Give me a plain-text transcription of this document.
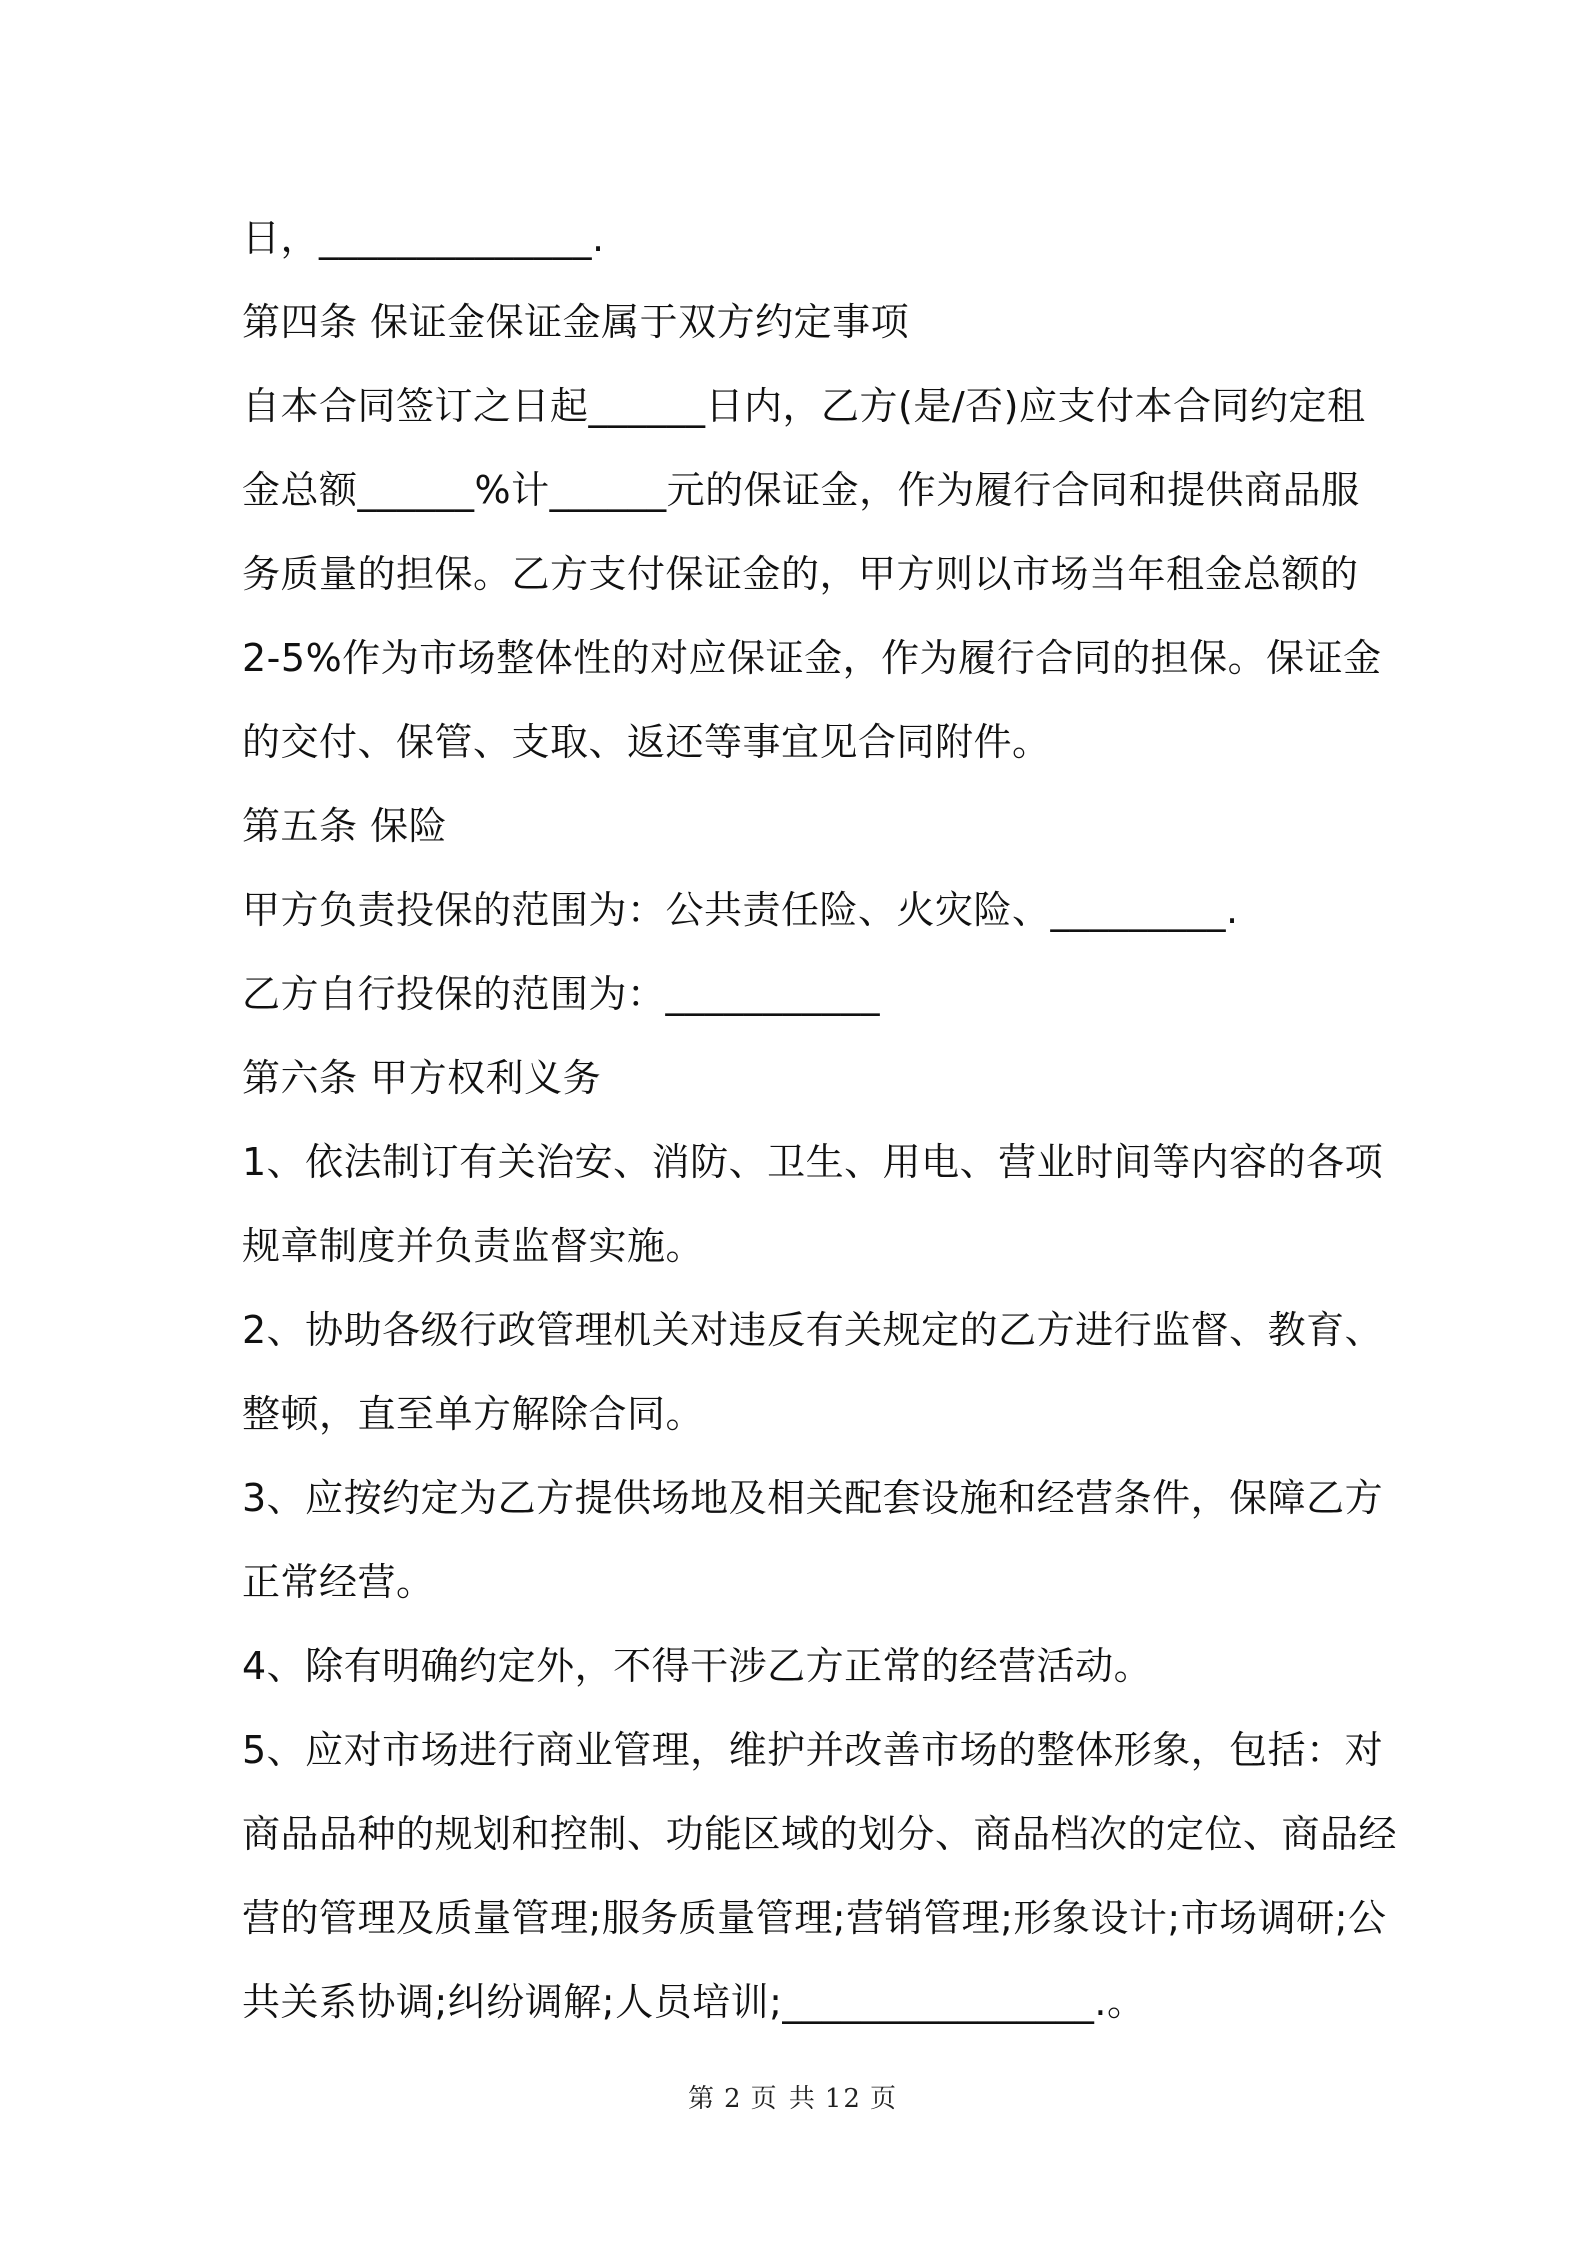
日，______________.
第四条 保证金保证金属于双方约定事项
自本合同签订之日起______日内，乙方(是/否)应支付本合同约定租
金总额______%计______元的保证金，作为履行合同和提供商品服
务质量的担保。乙方支付保证金的，甲方则以市场当年租金总额的
2-5%作为市场整体性的对应保证金，作为履行合同的担保。保证金
的交付、保管、支取、返还等事宜见合同附件。
第五条 保险
甲方负责投保的范围为：公共责任险、火灾险、_________.
乙方自行投保的范围为：___________
第六条 甲方权利义务
1、依法制订有关治安、消防、卫生、用电、营业时间等内容的各项
规章制度并负责监督实施。
2、协助各级行政管理机关对违反有关规定的乙方进行监督、教育、
整顿，直至单方解除合同。
3、应按约定为乙方提供场地及相关配套设施和经营条件，保障乙方
正常经营。
4、除有明确约定外，不得干涉乙方正常的经营活动。
5、应对市场进行商业管理，维护并改善市场的整体形象，包括：对
商品品种的规划和控制、功能区域的划分、商品档次的定位、商品经
营的管理及质量管理;服务质量管理;营销管理;形象设计;市场调研;公
共关系协调;纠纷调解;人员培训;________________.。
第 2 页 共 12 页
